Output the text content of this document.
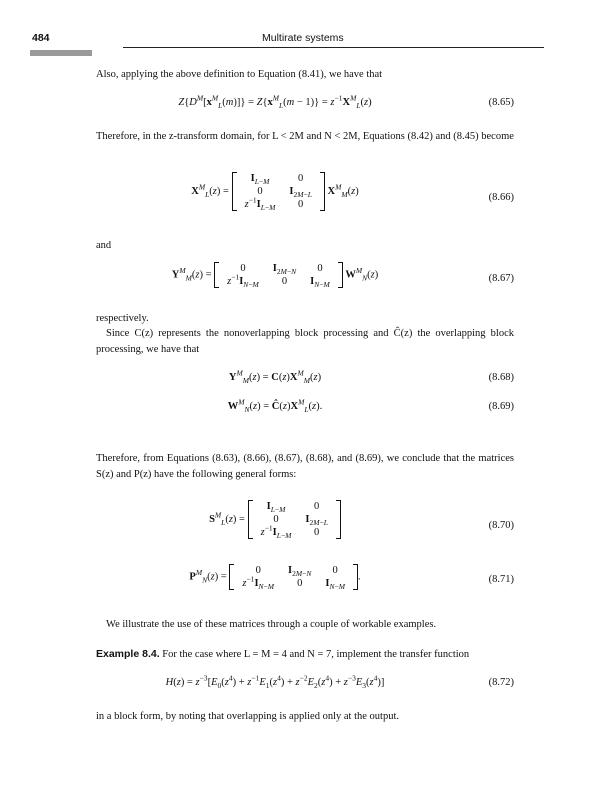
484	Multirate systems
Also, applying the above definition to Equation (8.41), we have that
$Z\{D^M[x^M_L(m)]\} = Z\{x^M_L(m - 1)\} = z^{-1}X^M_L(z)$	(8.65)
Therefore, in the z-transform domain, for L < 2M and N < 2M, Equations (8.42) and (8.45) become
$X^M_L(z)$ =
$I_{L-M}$	0
0	$I_{2M-L}$
$z^{-1}I_{L-M}$	0
$X^M_M(z)$
(8.66)
and
$Y^M_M(z)$ =
0	$I_{2M-N}$	0
$z^{-1}I_{N-M}$	0	$I_{N-M}$
$W^M_N(z)$	(8.67)
respectively.
Since C(z) represents the nonoverlapping block processing and Ĉ(z) the overlapping block processing, we have that
$Y^M_M(z) = C(z)X^M_M(z)$	(8.68)
$W^M_N(z)$ = $Ĉ(z)X^M_L(z)$.	(8.69)
Therefore, from Equations (8.63), (8.66), (8.67), (8.68), and (8.69), we conclude that the matrices S(z) and P(z) have the following general forms:
$S^M_L(z)$ =
$I_{L-M}$	0
0	$I_{2M-L}$
$z^{-1}I_{L-M}$	0
(8.70)
$P^M_N(z)$ =
0	$I_{2M-N}$	0
$z^{-1}I_{N-M}$	0	$I_{N-M}$
.	(8.71)
We illustrate the use of these matrices through a couple of workable examples.
Example 8.4. For the case where L = M = 4 and N = 7, implement the transfer function
$H(z) = z^{-3}[E_0(z^4) + z^{-1}E_1(z^4) + z^{-2}E_2(z^4) + z^{-3}E_3(z^4)]$	(8.72)
in a block form, by noting that overlapping is applied only at the output.
